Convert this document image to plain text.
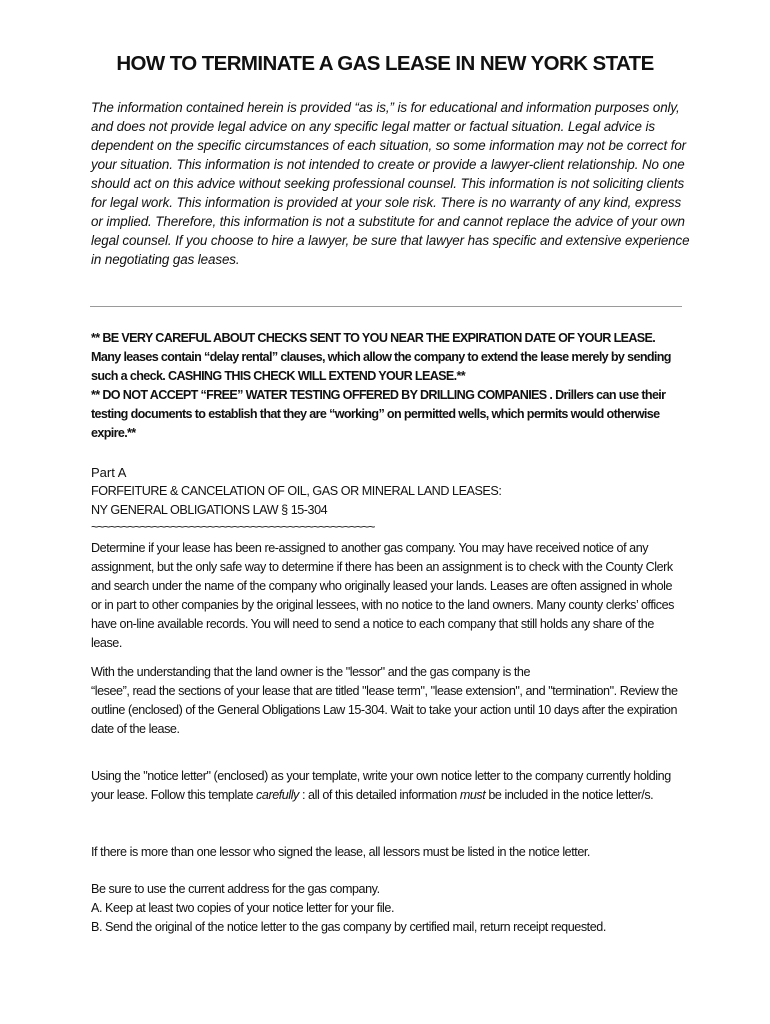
HOW TO TERMINATE A GAS LEASE IN NEW YORK STATE

The information contained herein is provided “as is,” is for educational and information purposes only, and does not provide legal advice on any specific legal matter or factual situation. Legal advice is dependent on the specific circumstances of each situation, so some information may not be correct for your situation. This information is not intended to create or provide a lawyer-client relationship. No one should act on this advice without seeking professional counsel. This information is not soliciting clients for legal work. This information is provided at your sole risk. There is no warranty of any kind, express or implied. Therefore, this information is not a substitute for and cannot replace the advice of your own legal counsel. If you choose to hire a lawyer, be sure that lawyer has specific and extensive experience in negotiating gas leases.

** BE VERY CAREFUL ABOUT CHECKS SENT TO YOU NEAR THE EXPIRATION DATE OF YOUR LEASE. Many leases contain “delay rental” clauses, which allow the company to extend the lease merely by sending such a check. CASHING THIS CHECK WILL EXTEND YOUR LEASE.**

** DO NOT ACCEPT “FREE” WATER TESTING OFFERED BY DRILLING COMPANIES . Drillers can use their testing documents to establish that they are “working” on permitted wells, which permits would otherwise expire.**

Part A
FORFEITURE & CANCELATION OF OIL, GAS OR MINERAL LAND LEASES:
NY GENERAL OBLIGATIONS LAW § 15-304
~~~~~~~~~~~~~~~~~~~~~~~~~~~~~~~~~~~~~~~~~~~~~~

Determine if your lease has been re-assigned to another gas company. You may have received notice of any assignment, but the only safe way to determine if there has been an assignment is to check with the County Clerk and search under the name of the company who originally leased your lands. Leases are often assigned in whole or in part to other companies by the original lessees, with no notice to the land owners. Many county clerks’ offices have on-line available records. You will need to send a notice to each company that still holds any share of the lease.

With the understanding that the land owner is the "lessor" and the gas company is the
“lesee”, read the sections of your lease that are titled "lease term", "lease extension", and "termination". Review the outline (enclosed) of the General Obligations Law 15-304. Wait to take your action until 10 days after the expiration date of the lease.

Using the "notice letter" (enclosed) as your template, write your own notice letter to the company currently holding your lease. Follow this template carefully : all of this detailed information must be included in the notice letter/s.

If there is more than one lessor who signed the lease, all lessors must be listed in the notice letter.

Be sure to use the current address for the gas company.

A. Keep at least two copies of your notice letter for your file.

B. Send the original of the notice letter to the gas company by certified mail, return receipt requested.
